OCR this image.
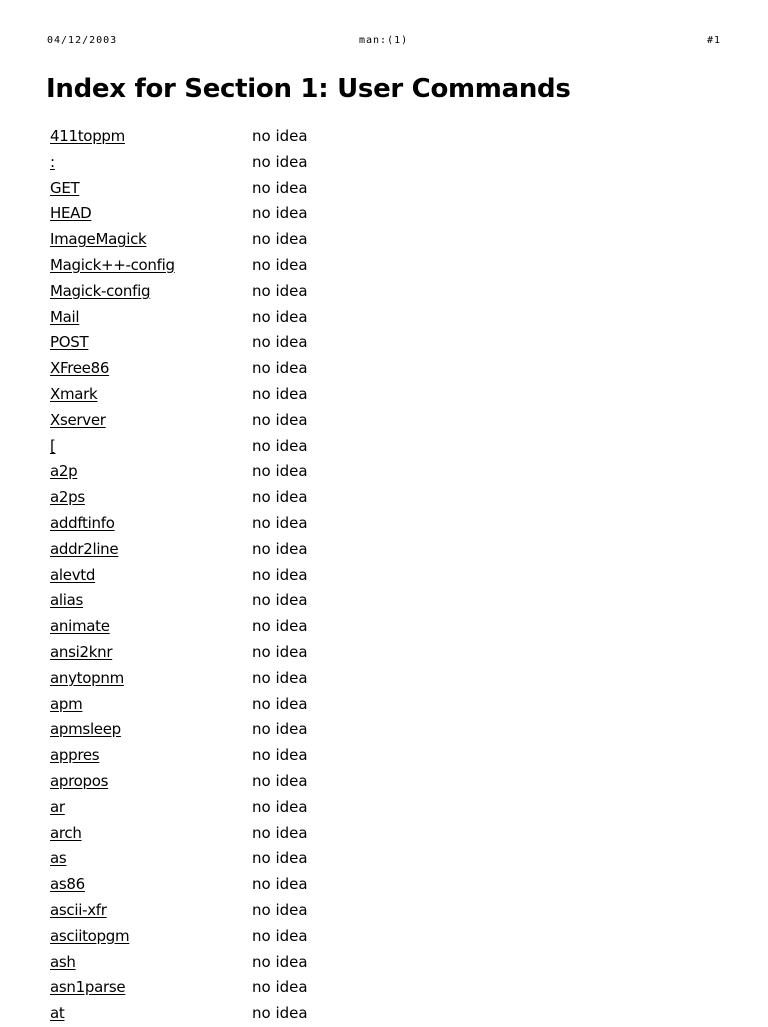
04/12/2003	man:(1)	#1
Index for Section 1: User Commands
411toppm	no idea
:	no idea
GET	no idea
HEAD	no idea
ImageMagick	no idea
Magick++-config	no idea
Magick-config	no idea
Mail	no idea
POST	no idea
XFree86	no idea
Xmark	no idea
Xserver	no idea
[	no idea
a2p	no idea
a2ps	no idea
addftinfo	no idea
addr2line	no idea
alevtd	no idea
alias	no idea
animate	no idea
ansi2knr	no idea
anytopnm	no idea
apm	no idea
apmsleep	no idea
appres	no idea
apropos	no idea
ar	no idea
arch	no idea
as	no idea
as86	no idea
ascii-xfr	no idea
asciitopgm	no idea
ash	no idea
asn1parse	no idea
at	no idea
